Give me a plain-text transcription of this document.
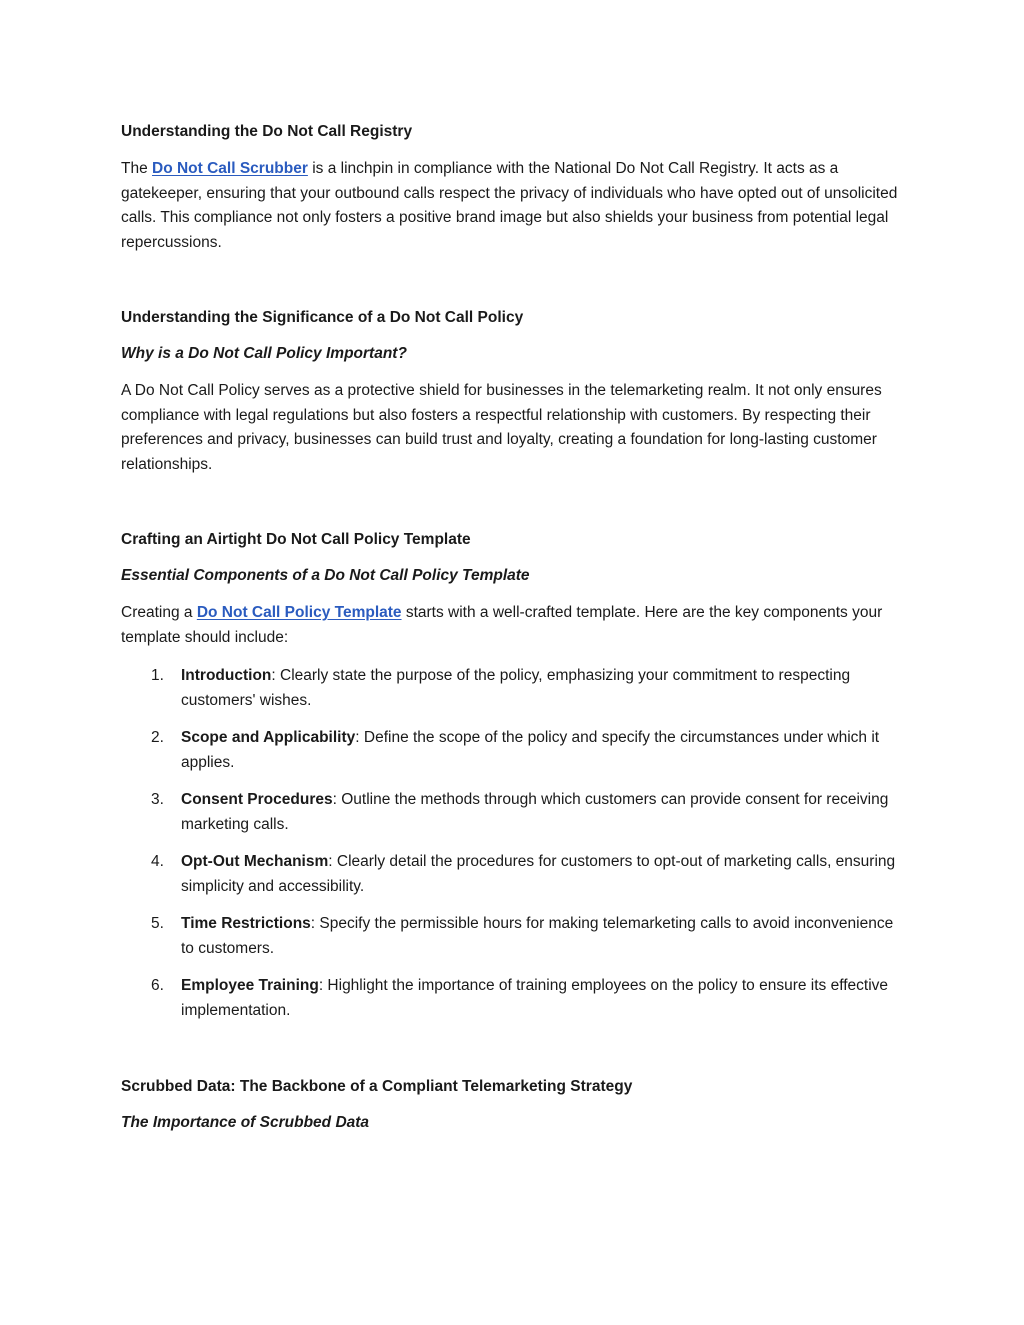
Understanding the Do Not Call Registry

The Do Not Call Scrubber is a linchpin in compliance with the National Do Not Call Registry. It acts as a gatekeeper, ensuring that your outbound calls respect the privacy of individuals who have opted out of unsolicited calls. This compliance not only fosters a positive brand image but also shields your business from potential legal repercussions.

Understanding the Significance of a Do Not Call Policy
Why is a Do Not Call Policy Important?

A Do Not Call Policy serves as a protective shield for businesses in the telemarketing realm. It not only ensures compliance with legal regulations but also fosters a respectful relationship with customers. By respecting their preferences and privacy, businesses can build trust and loyalty, creating a foundation for long-lasting customer relationships.

Crafting an Airtight Do Not Call Policy Template
Essential Components of a Do Not Call Policy Template

Creating a Do Not Call Policy Template starts with a well-crafted template. Here are the key components your template should include:

1. Introduction: Clearly state the purpose of the policy, emphasizing your commitment to respecting customers' wishes.
2. Scope and Applicability: Define the scope of the policy and specify the circumstances under which it applies.
3. Consent Procedures: Outline the methods through which customers can provide consent for receiving marketing calls.
4. Opt-Out Mechanism: Clearly detail the procedures for customers to opt-out of marketing calls, ensuring simplicity and accessibility.
5. Time Restrictions: Specify the permissible hours for making telemarketing calls to avoid inconvenience to customers.
6. Employee Training: Highlight the importance of training employees on the policy to ensure its effective implementation.
Scrubbed Data: The Backbone of a Compliant Telemarketing Strategy
The Importance of Scrubbed Data
